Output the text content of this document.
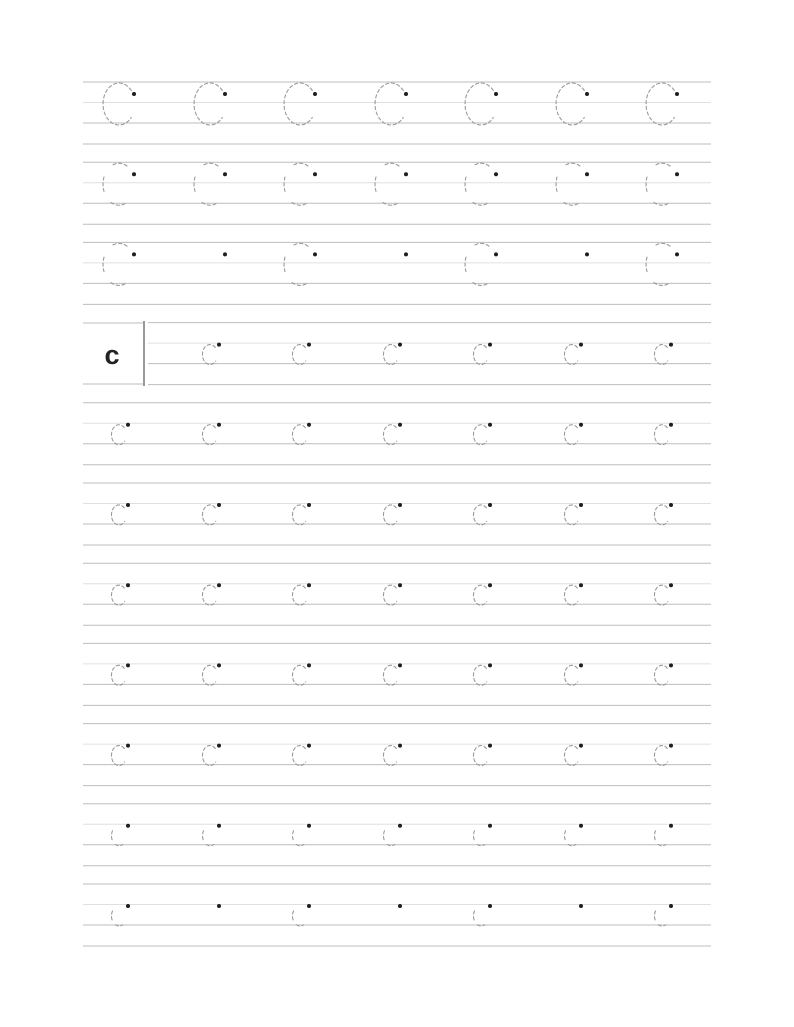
c
